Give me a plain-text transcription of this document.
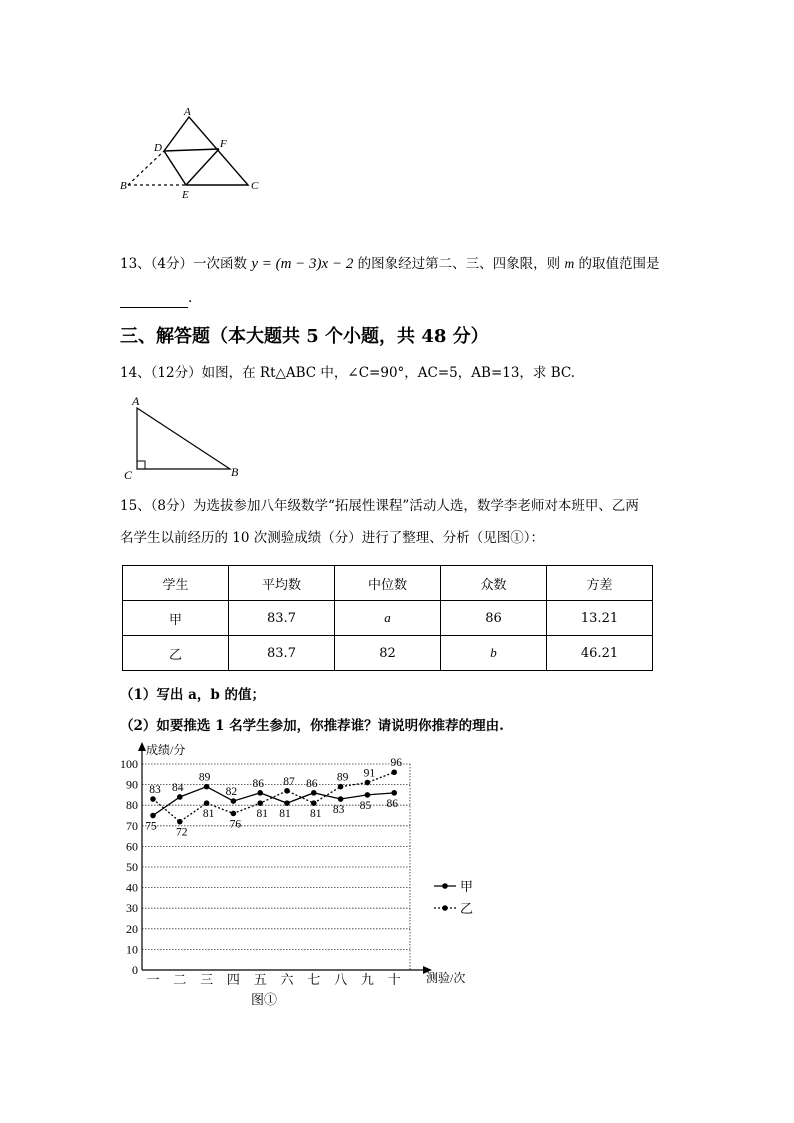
A
D	F
B
E
C
13、（4分）一次函数 y = (m − 3)x − 2 的图象经过第二、三、四象限，则 m 的取值范围是
.
三、解答题（本大题共 5 个小题，共 48 分）
14、（12分）如图，在 Rt△ABC 中，∠C=90°，AC=5，AB=13，求 BC.
A
C	B
15、（8分）为选拔参加八年级数学“拓展性课程”活动人选，数学李老师对本班甲、乙两
名学生以前经历的 10 次测验成绩（分）进行了整理、分析（见图①）：
学生	平均数	中位数	众数	方差
甲	83.7	a	86	13.21
乙	83.7	82	b	46.21
（1）写出 a，b 的值；
（2）如要推选 1 名学生参加，你推荐谁？请说明你推荐的理由.
0
10
20
30
40
50
60
70
80
90
100
一 二 三 四 五 六 七 八 九 十
成绩/分
测验/次
图①
75
84
89
82
86
81
86
83 85 86
83
72
81
76
81
87
81
89 91
96
甲
乙
